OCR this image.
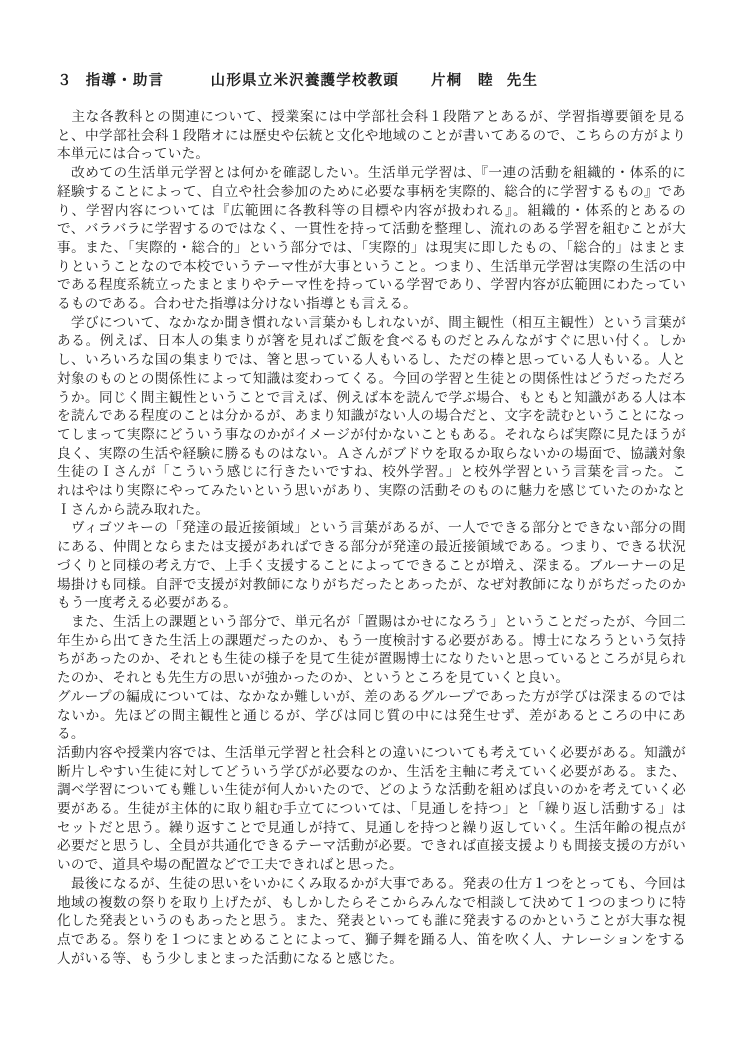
３ 指導・助言	山形県立米沢養護学校教頭 片桐　睦 先生

　主な各教科との関連について、授業案には中学部社会科１段階アとあるが、学習指導要領を見ると、中学部社会科１段階オには歴史や伝統と文化や地域のことが書いてあるので、こちらの方がより本単元には合っていた。

　改めての生活単元学習とは何かを確認したい。生活単元学習は、『一連の活動を組織的・体系的に経験することによって、自立や社会参加のために必要な事柄を実際的、総合的に学習するもの』であり、学習内容については『広範囲に各教科等の目標や内容が扱われる』。組織的・体系的とあるので、バラバラに学習するのではなく、一貫性を持って活動を整理し、流れのある学習を組むことが大事。また、「実際的・総合的」という部分では、「実際的」は現実に即したもの、「総合的」はまとまりということなので本校でいうテーマ性が大事ということ。つまり、生活単元学習は実際の生活の中である程度系統立ったまとまりやテーマ性を持っている学習であり、学習内容が広範囲にわたっているものである。合わせた指導は分けない指導とも言える。

　学びについて、なかなか聞き慣れない言葉かもしれないが、間主観性（相互主観性）という言葉がある。例えば、日本人の集まりが箸を見ればご飯を食べるものだとみんながすぐに思い付く。しかし、いろいろな国の集まりでは、箸と思っている人もいるし、ただの棒と思っている人もいる。人と対象のものとの関係性によって知識は変わってくる。今回の学習と生徒との関係性はどうだっただろうか。同じく間主観性ということで言えば、例えば本を読んで学ぶ場合、もともと知識がある人は本を読んである程度のことは分かるが、あまり知識がない人の場合だと、文字を読むということになってしまって実際にどういう事なのかがイメージが付かないこともある。それならば実際に見たほうが良く、実際の生活や経験に勝るものはない。Ａさんがブドウを取るか取らないかの場面で、協議対象生徒のＩさんが「こういう感じに行きたいですね、校外学習。」と校外学習という言葉を言った。これはやはり実際にやってみたいという思いがあり、実際の活動そのものに魅力を感じていたのかなとＩさんから読み取れた。

　ヴィゴツキーの「発達の最近接領域」という言葉があるが、一人でできる部分とできない部分の間にある、仲間とならまたは支援があればできる部分が発達の最近接領域である。つまり、できる状況づくりと同様の考え方で、上手く支援することによってできることが増え、深まる。ブルーナーの足場掛けも同様。自評で支援が対教師になりがちだったとあったが、なぜ対教師になりがちだったのかもう一度考える必要がある。

　また、生活上の課題という部分で、単元名が「置賜はかせになろう」ということだったが、今回二年生から出てきた生活上の課題だったのか、もう一度検討する必要がある。博士になろうという気持ちがあったのか、それとも生徒の様子を見て生徒が置賜博士になりたいと思っているところが見られたのか、それとも先生方の思いが強かったのか、というところを見ていくと良い。

グループの編成については、なかなか難しいが、差のあるグループであった方が学びは深まるのではないか。先ほどの間主観性と通じるが、学びは同じ質の中には発生せず、差があるところの中にある。

活動内容や授業内容では、生活単元学習と社会科との違いについても考えていく必要がある。知識が断片しやすい生徒に対してどういう学びが必要なのか、生活を主軸に考えていく必要がある。また、調べ学習についても難しい生徒が何人かいたので、どのような活動を組めば良いのかを考えていく必要がある。生徒が主体的に取り組む手立てについては、「見通しを持つ」と「繰り返し活動する」はセットだと思う。繰り返すことで見通しが持て、見通しを持つと繰り返していく。生活年齢の視点が必要だと思うし、全員が共通化できるテーマ活動が必要。できれば直接支援よりも間接支援の方がいいので、道具や場の配置などで工夫できればと思った。

　最後になるが、生徒の思いをいかにくみ取るかが大事である。発表の仕方１つをとっても、今回は地域の複数の祭りを取り上げたが、もしかしたらそこからみんなで相談して決めて１つのまつりに特化した発表というのもあったと思う。また、発表といっても誰に発表するのかということが大事な視点である。祭りを１つにまとめることによって、獅子舞を踊る人、笛を吹く人、ナレーションをする人がいる等、もう少しまとまった活動になると感じた。
